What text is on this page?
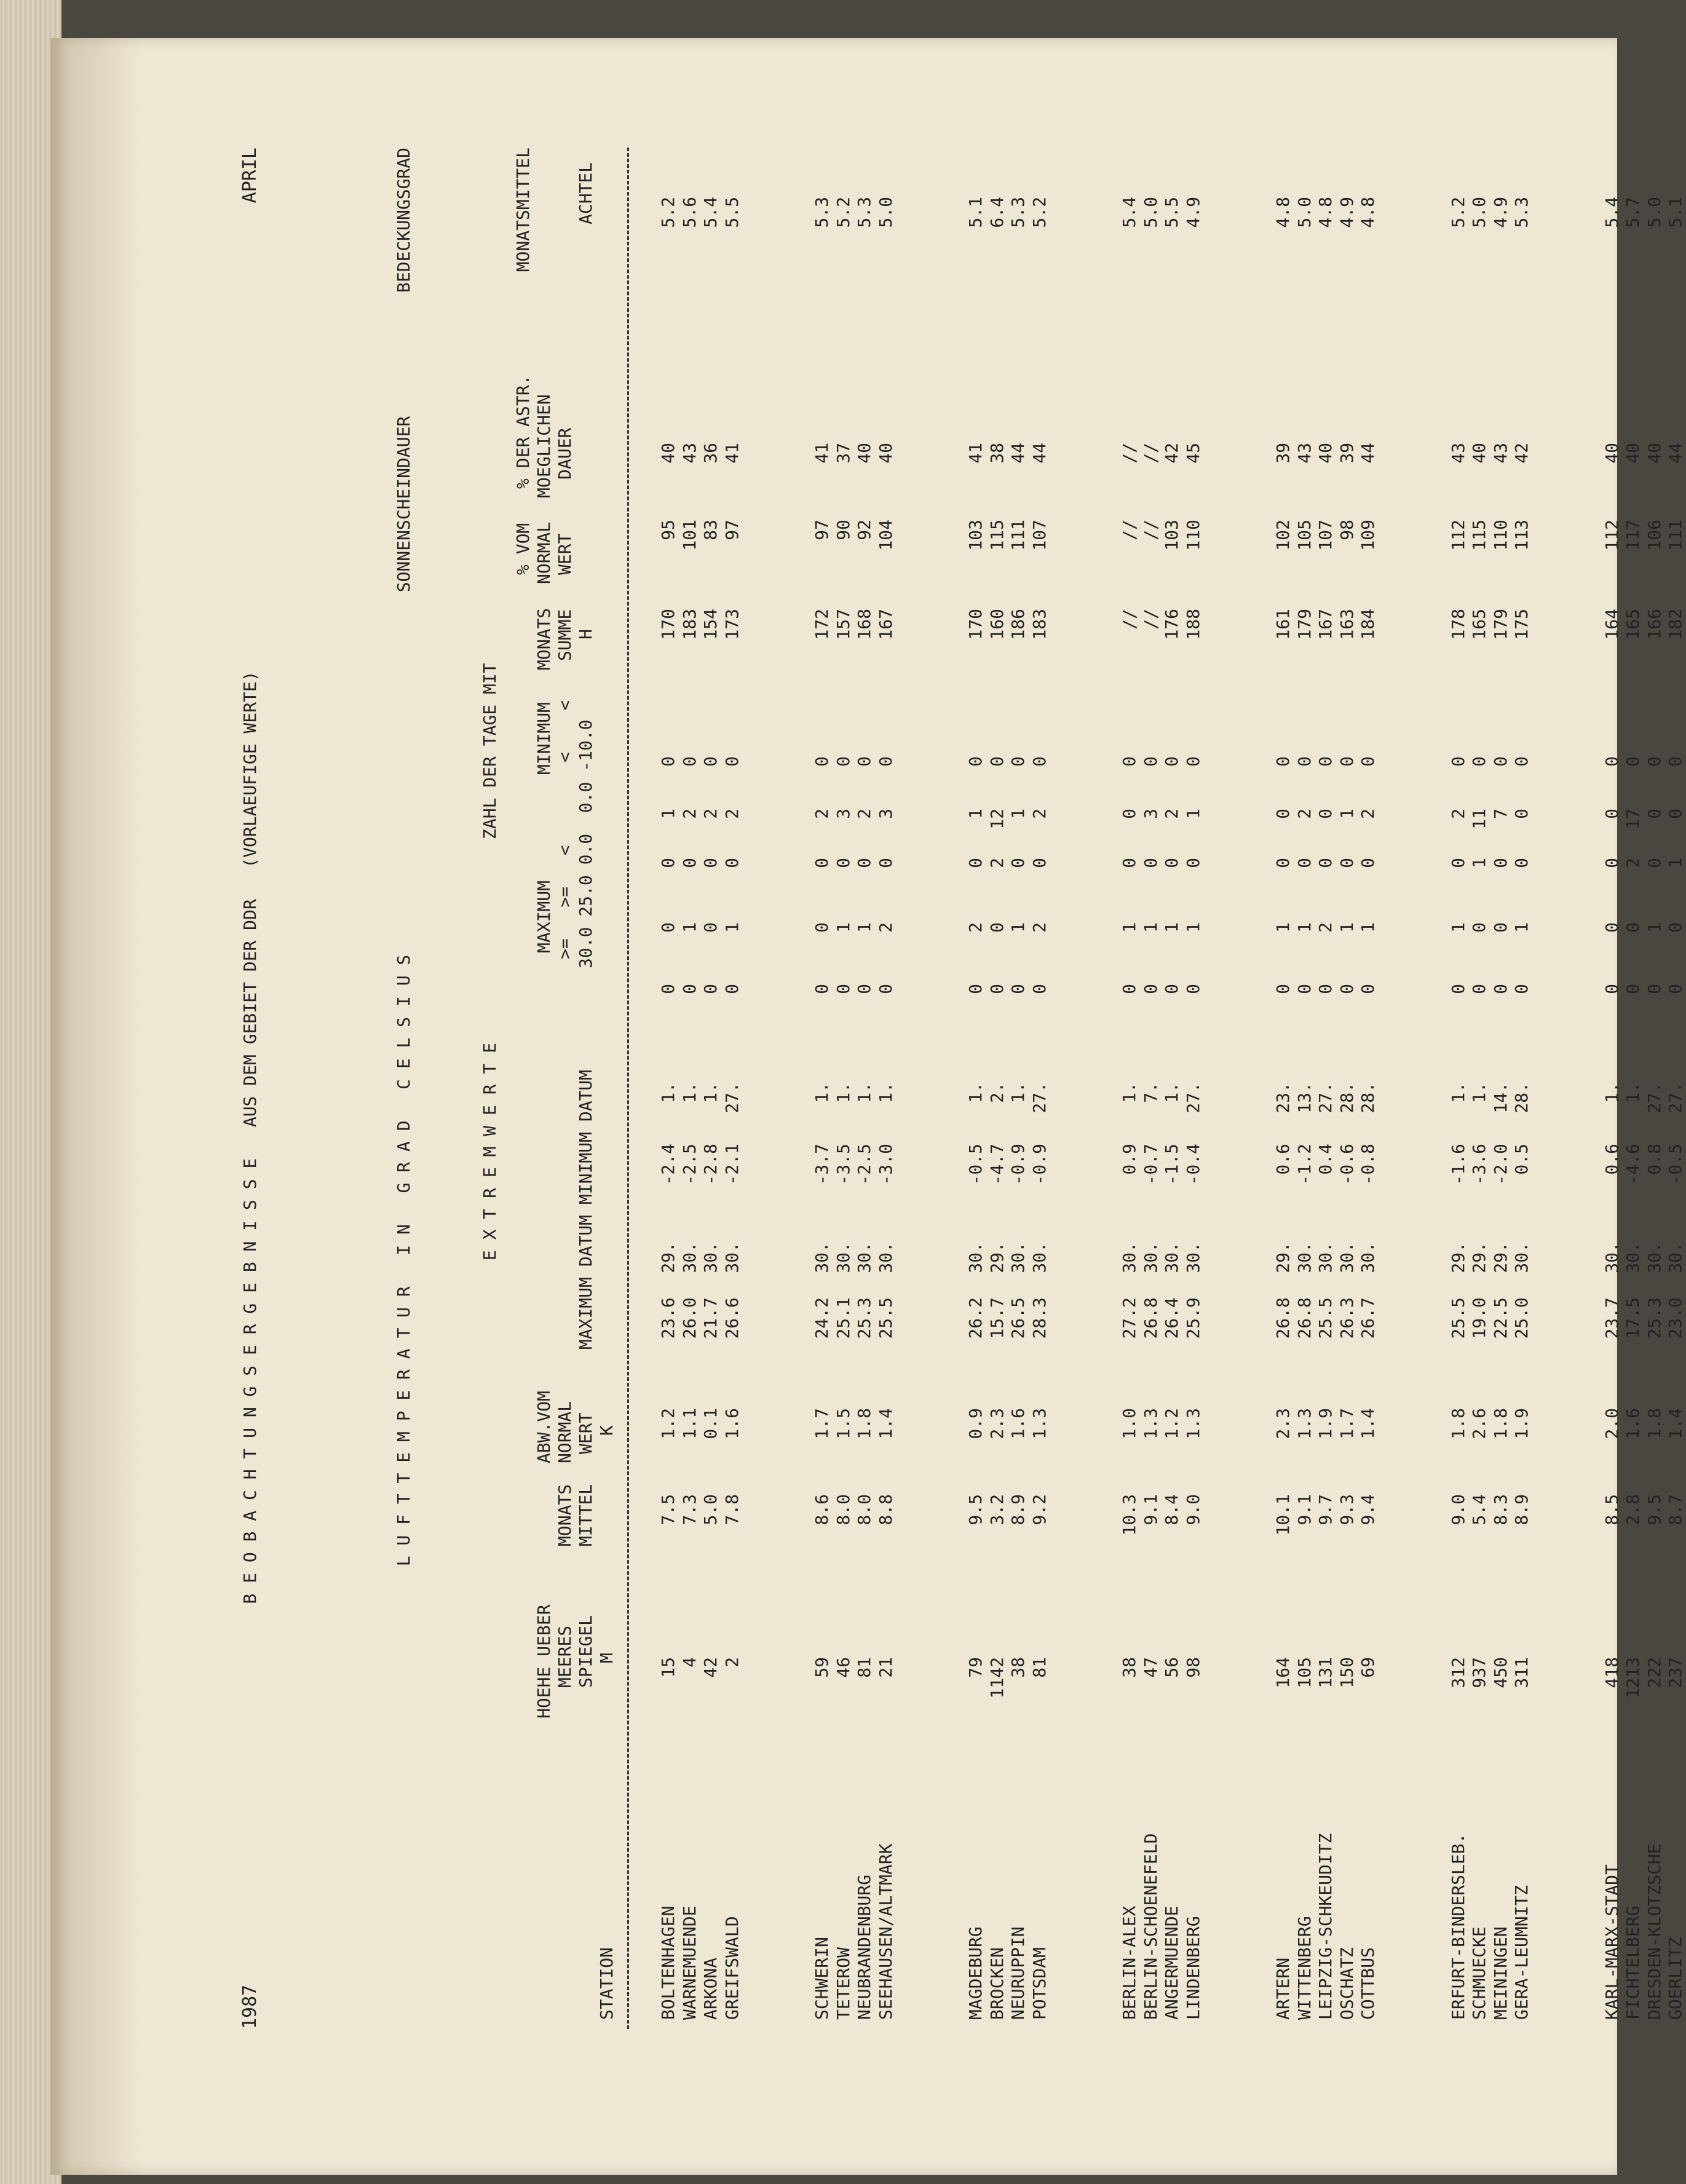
1987
B E O B A C H T U N G S E R G E B N I S S E   AUS DEM GEBIET DER DDR   (VORLAEUFIGE WERTE)
APRIL
L U F T T E M P E R A T U R   I N   G R A D   C E L S I U S
SONNENSCHEINDAUER
BEDECKUNGSGRAD
HOEHE UEBER MEERES SPIEGEL M
MONATS MITTEL
ABW.VOM NORMAL WERT K
E X T R E M W E R T E	MAXIMUM DATUM MINIMUM DATUM
ZAHL DER TAGE MIT
MAXIMUM
MINIMUM
>=   >=   <
<    < 30.0 25.0 0.0  0.0 -10.0
MONATS SUMME H
% VOM NORMAL WERT
% DER ASTR. MOEGLICHEN DAUER
MONATSMITTEL ACHTEL
STATION BOLTENHAGEN
15
7.5
1.2
23.6
29.
-2.4
1.
0
0
0
1
0
170
95
40
5.2
WARNEMUENDE
4
7.3
1.1
26.0
30.
-2.5
1.
0
1
0
2
0
183
101
43
5.6
ARKONA
42
5.0
0.1
21.7
30.
-2.8
1.
0
0
0
2
0
154
83
36
5.4
GREIFSWALD
2
7.8
1.6
26.6
30.
-2.1
27.
0
1
0
2
0
173
97
41
5.5
SCHWERIN
59
8.6
1.7
24.2
30.
-3.7
1.
0
0
0
2
0
172
97
41
5.3
TETEROW
46
8.0
1.5
25.1
30.
-3.5
1.
0
1
0
3
0
157
90
37
5.2
NEUBRANDENBURG
81
8.0
1.8
25.3
30.
-2.5
1.
0
1
0
2
0
168
92
40
5.3
SEEHAUSEN/ALTMARK
21
8.8
1.4
25.5
30.
-3.0
1.
0
2
0
3
0
167
104
40
5.0
MAGDEBURG
79
9.5
0.9
26.2
30.
-0.5
1.
0
2
0
1
0
170
103
41
5.1
BROCKEN
1142
3.2
2.3
15.7
29.
-4.7
2.
0
0
2
12
0
160
115
38
6.4
NEURUPPIN
38
8.9
1.6
26.5
30.
-0.9
1.
0
1
0
1
0
186
111
44
5.3
POTSDAM
81
9.2
1.3
28.3
30.
-0.9
27.
0
2
0
2
0
183
107
44
5.2
BERLIN-ALEX
38
10.3
1.0
27.2
30.
0.9
1.
0
1
0
0
0
//
//
//
5.4
BERLIN-SCHOENEFELD
47
9.1
1.3
26.8
30.
-0.7
7.
0
1
0
3
0
//
//
//
5.0
ANGERMUENDE
56
8.4
1.2
26.4
30.
-1.5
1.
0
1
0
2
0
176
103
42
5.5
LINDENBERG
98
9.0
1.3
25.9
30.
-0.4
27.
0
1
0
1
0
188
110
45
4.9
ARTERN
164
10.1
2.3
26.8
29.
0.6
23.
0
1
0
0
0
161
102
39
4.8
WITTENBERG
105
9.1
1.3
26.8
30.
-1.2
13.
0
1
0
2
0
179
105
43
5.0
LEIPZIG-SCHKEUDITZ
131
9.7
1.9
25.5
30.
0.4
27.
0
2
0
0
0
167
107
40
4.8
OSCHATZ
150
9.3
1.7
26.3
30.
-0.6
28.
0
1
0
1
0
163
98
39
4.9
COTTBUS
69
9.4
1.4
26.7
30.
-0.8
28.
0
1
0
2
0
184
109
44
4.8
ERFURT-BINDERSLEB.
312
9.0
1.8
25.5
29.
-1.6
1.
0
1
0
2
0
178
112
43
5.2
SCHMUECKE
937
5.4
2.6
19.0
29.
-3.6
1.
0
0
1
11
0
165
115
40
5.0
MEININGEN
450
8.3
1.8
22.5
29.
-2.0
14.
0
0
0
7
0
179
110
43
4.9
GERA-LEUMNITZ
311
8.9
1.9
25.0
30.
0.5
28.
0
1
0
0
0
175
113
42
5.3
KARL-MARX-STADT
418
8.5
2.0
23.7
30.
0.6
1.
0
0
0
0
0
164
112
40
5.4
FICHTELBERG
1213
2.8
1.6
17.5
30.
-4.6
1.
0
0
2
17
0
165
117
40
5.7
DRESDEN-KLOTZSCHE
222
9.5
1.8
25.3
30.
0.8
27.
0
1
0
0
0
166
106
40
5.0
GOERLITZ
237
8.7
1.4
23.0
30.
-0.5
27.
0
0
1
0
0
182
111
44
5.1
